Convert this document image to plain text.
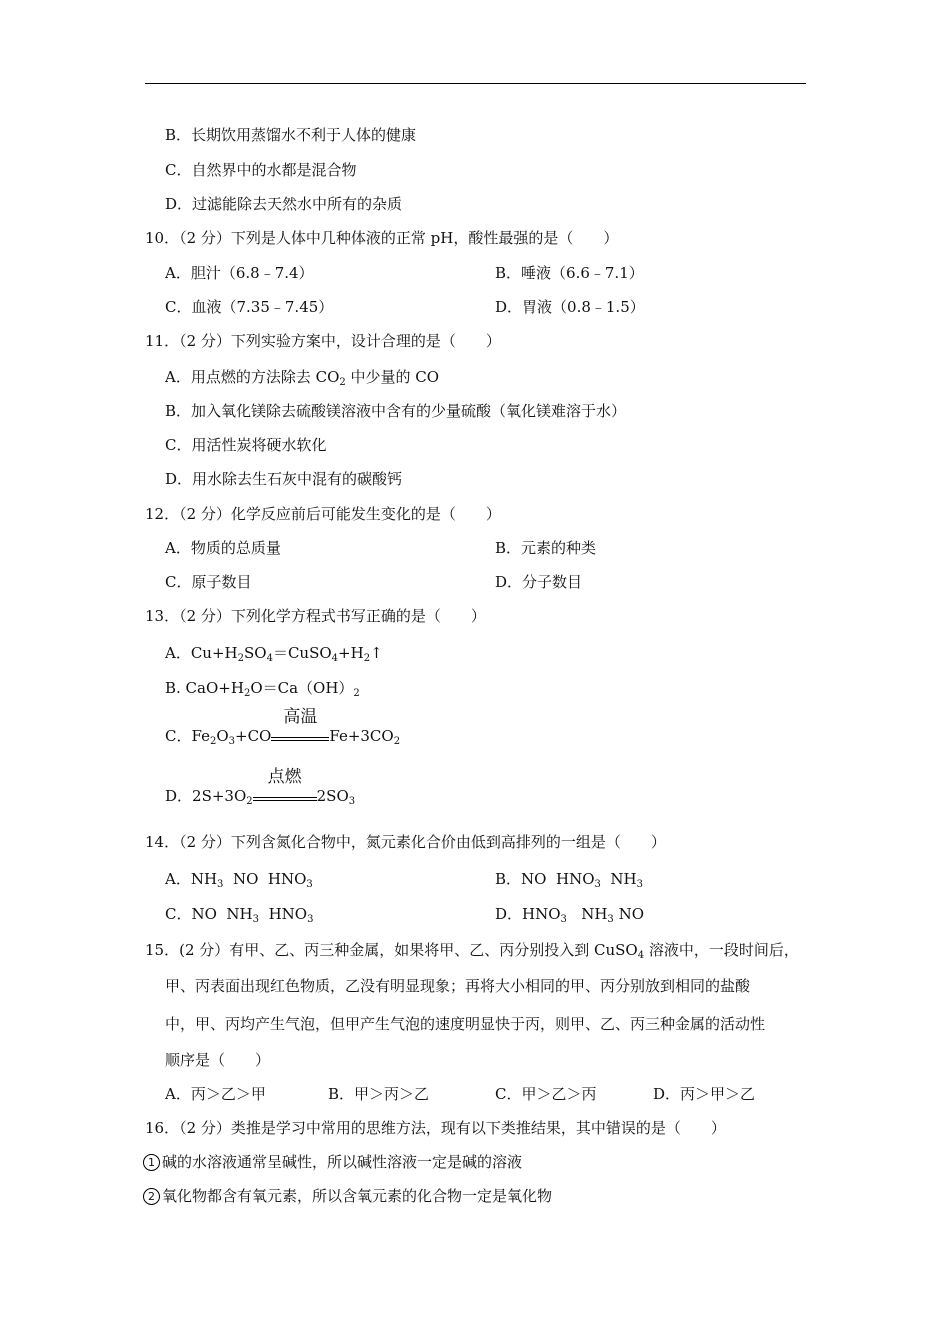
B．长期饮用蒸馏水不利于人体的健康
C．自然界中的水都是混合物
D．过滤能除去天然水中所有的杂质
10．（2 分）下列是人体中几种体液的正常 pH，酸性最强的是（　　）
A．胆汁（6.8﹣7.4）	B．唾液（6.6﹣7.1）
C．血液（7.35﹣7.45）	D．胃液（0.8﹣1.5）
11．（2 分）下列实验方案中，设计合理的是（　　）
A．用点燃的方法除去 $CO_2$ 中少量的 CO
B．加入氧化镁除去硫酸镁溶液中含有的少量硫酸（氧化镁难溶于水）
C．用活性炭将硬水软化
D．用水除去生石灰中混有的碳酸钙
12．（2 分）化学反应前后可能发生变化的是（　　）
A．物质的总质量	B．元素的种类
C．原子数目	D．分子数目
13．（2 分）下列化学方程式书写正确的是（　　）
A．$Cu+H_2SO_4=CuSO_4+H_2↑$
B. $CaO+H_2O=Ca(OH)_2$
C．$Fe_2O_3+CO$
高温
$Fe+3CO_2$
D．$2S+3O_2$
点燃
$2SO_3$
14．（2 分）下列含氮化合物中，氮元素化合价由低到高排列的一组是（　　）
A．$NH_3$  NO  $HNO_3$	B．NO  $HNO_3$  $NH_3$
C．NO  $NH_3$  $HNO_3$	D．$HNO_3$   $NH_3$ NO
15．(2 分）有甲、乙、丙三种金属，如果将甲、乙、丙分别投入到 CuSO$_4$ 溶液中，一段时间后，
甲、丙表面出现红色物质，乙没有明显现象；再将大小相同的甲、丙分别放到相同的盐酸
中，甲、丙均产生气泡，但甲产生气泡的速度明显快于丙，则甲、乙、丙三种金属的活动性
顺序是（　　）
A．丙＞乙＞甲	B．甲＞丙＞乙	C．甲＞乙＞丙	D．丙＞甲＞乙
16．（2 分）类推是学习中常用的思维方法，现有以下类推结果，其中错误的是（　　）
1 碱的水溶液通常呈碱性，所以碱性溶液一定是碱的溶液
2 氧化物都含有氧元素，所以含氧元素的化合物一定是氧化物
